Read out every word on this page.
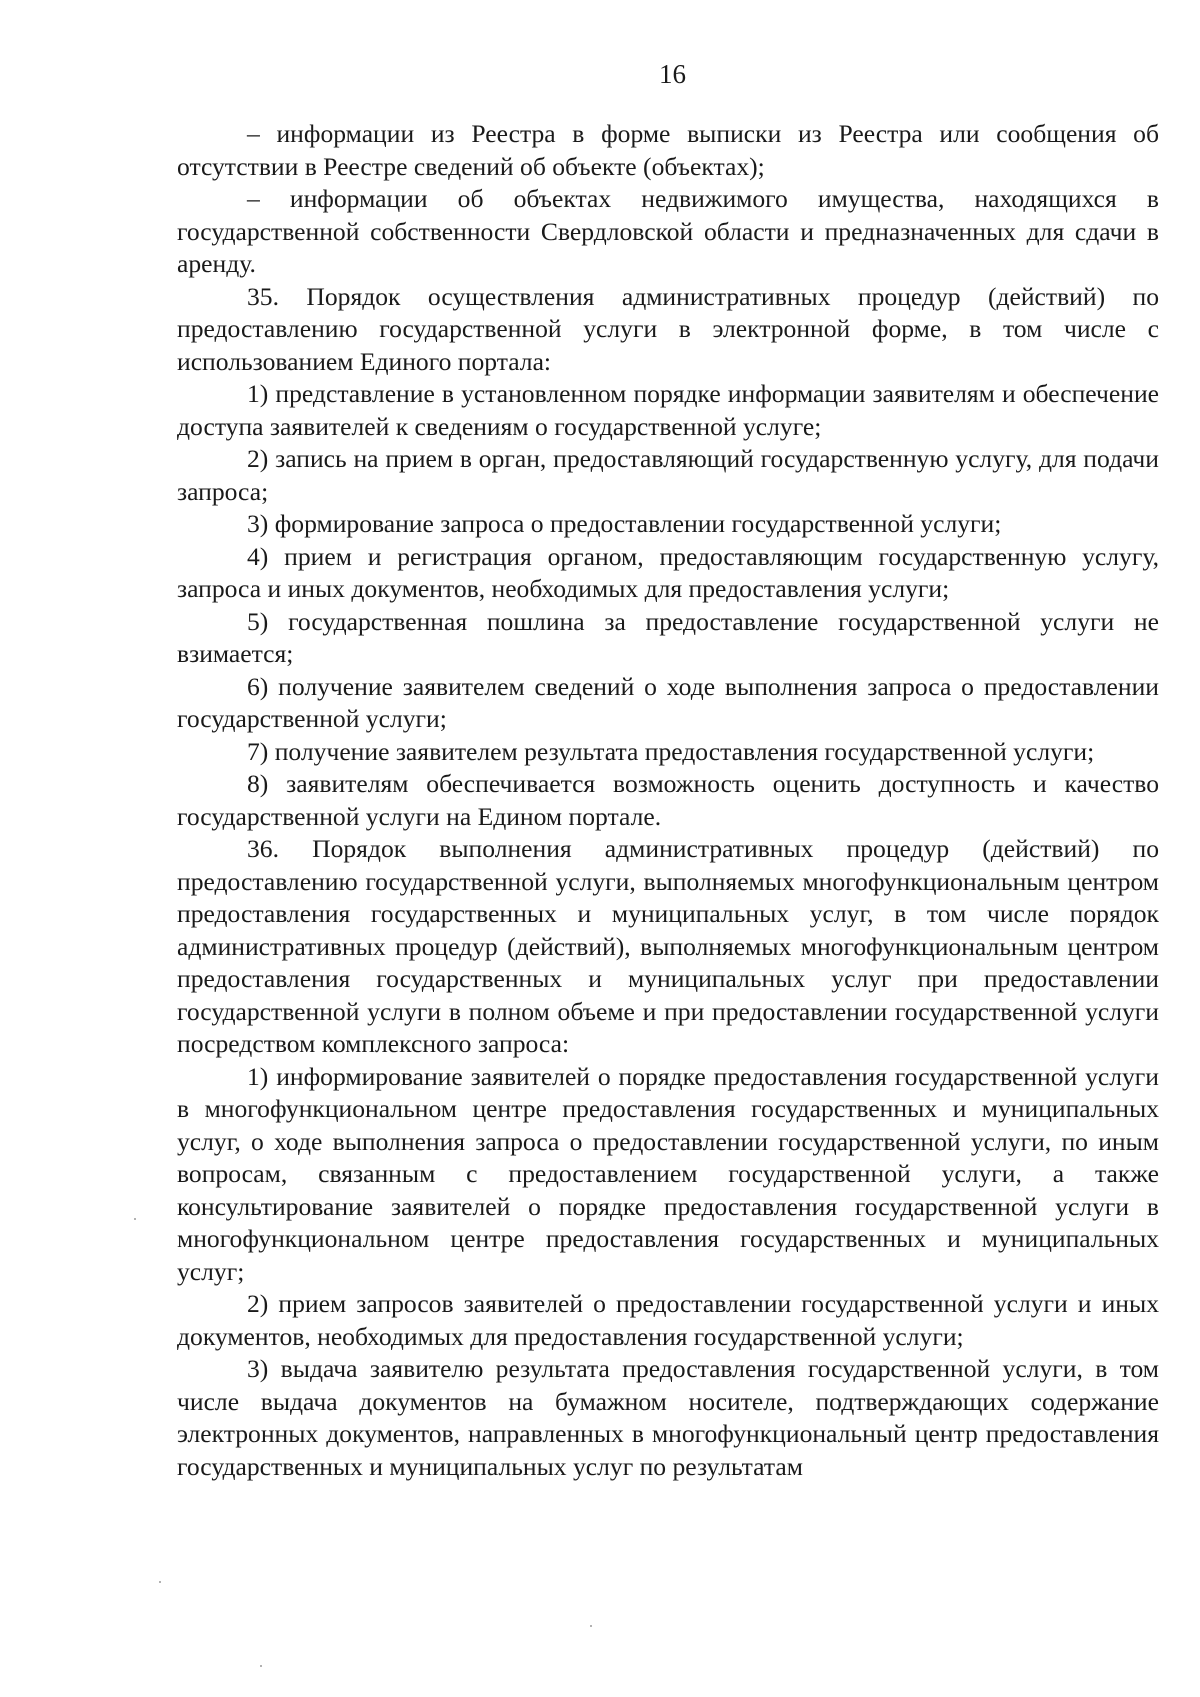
16

– информации из Реестра в форме выписки из Реестра или сообщения об отсутствии в Реестре сведений об объекте (объектах);

– информации об объектах недвижимого имущества, находящихся в государственной собственности Свердловской области и предназначенных для сдачи в аренду.

35. Порядок осуществления административных процедур (действий) по предоставлению государственной услуги в электронной форме, в том числе с использованием Единого портала:

1) представление в установленном порядке информации заявителям и обеспечение доступа заявителей к сведениям о государственной услуге;

2) запись на прием в орган, предоставляющий государственную услугу, для подачи запроса;

3) формирование запроса о предоставлении государственной услуги;

4) прием и регистрация органом, предоставляющим государственную услугу, запроса и иных документов, необходимых для предоставления услуги;

5) государственная пошлина за предоставление государственной услуги не взимается;

6) получение заявителем сведений о ходе выполнения запроса о предоставлении государственной услуги;

7) получение заявителем результата предоставления государственной услуги;

8) заявителям обеспечивается возможность оценить доступность и качество государственной услуги на Едином портале.

36. Порядок выполнения административных процедур (действий) по предоставлению государственной услуги, выполняемых многофункциональным центром предоставления государственных и муниципальных услуг, в том числе порядок административных процедур (действий), выполняемых многофункциональным центром предоставления государственных и муниципальных услуг при предоставлении государственной услуги в полном объеме и при предоставлении государственной услуги посредством комплексного запроса:

1) информирование заявителей о порядке предоставления государственной услуги в многофункциональном центре предоставления государственных и муниципальных услуг, о ходе выполнения запроса о предоставлении государственной услуги, по иным вопросам, связанным с предоставлением государственной услуги, а также консультирование заявителей о порядке предоставления государственной услуги в многофункциональном центре предоставления государственных и муниципальных услуг;

2) прием запросов заявителей о предоставлении государственной услуги и иных документов, необходимых для предоставления государственной услуги;

3) выдача заявителю результата предоставления государственной услуги, в том числе выдача документов на бумажном носителе, подтверждающих содержание электронных документов, направленных в многофункциональный центр предоставления государственных и муниципальных услуг по результатам
